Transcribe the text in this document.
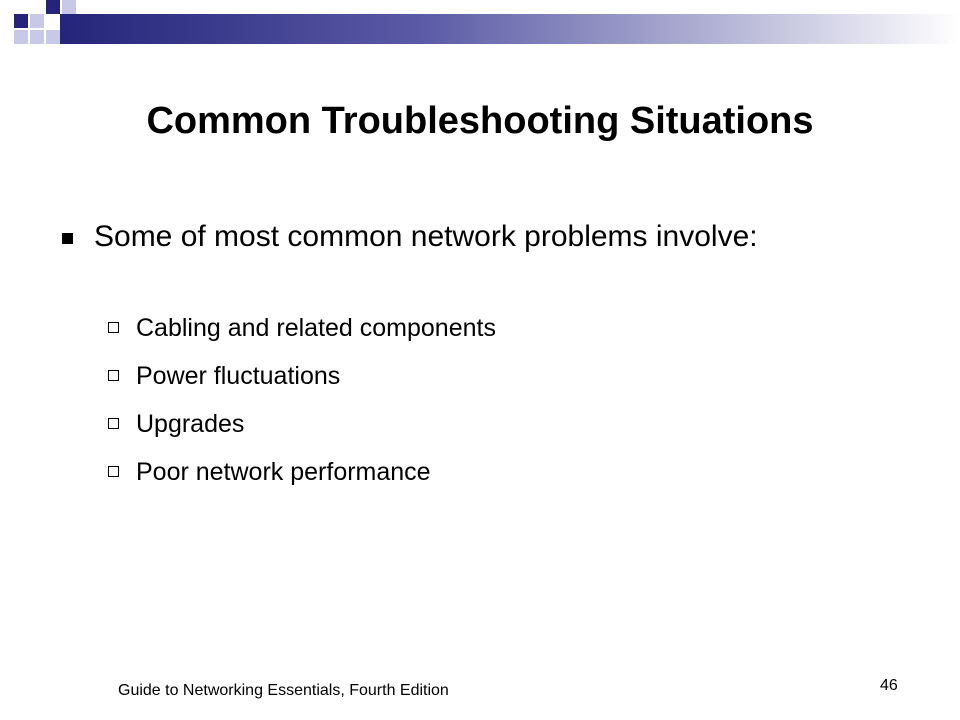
Common Troubleshooting Situations
Some of most common network problems involve:
Cabling and related components
Power fluctuations
Upgrades
Poor network performance
Guide to Networking Essentials, Fourth Edition	46
